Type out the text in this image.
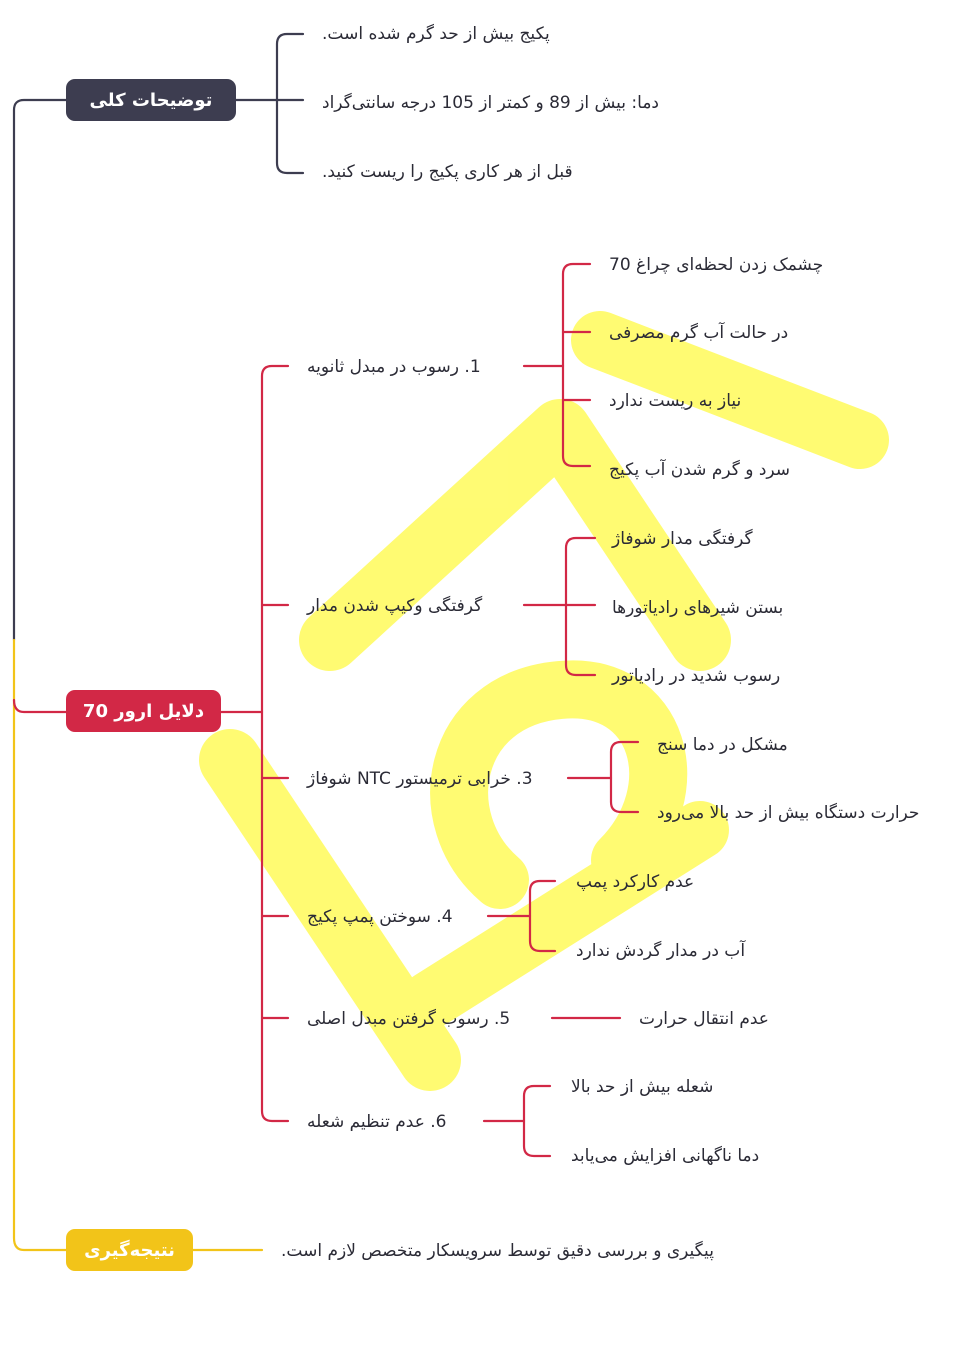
توضیحات کلی
دلایل ارور 70
نتیجه‌گیری
پکیج بیش از حد گرم شده است.
دما: بیش از 89 و کمتر از 105 درجه سانتی‌گراد
قبل از هر کاری پکیج را ریست کنید.
1. رسوب در مبدل ثانویه
گرفتگی وکیپ شدن مدار
3. خرابی ترمیستور NTC شوفاژ
4. سوختن پمپ پکیج
5. رسوب گرفتن مبدل اصلی
6. عدم تنظیم شعله
چشمک زدن لحظه‌ای چراغ 70
در حالت آب گرم مصرفی
نیاز به ریست ندارد
سرد و گرم شدن آب پکیج
گرفتگی مدار شوفاژ
بستن شیرهای رادیاتورها
رسوب شدید در رادیاتور
مشکل در دما سنج
حرارت دستگاه بیش از حد بالا می‌رود
عدم کارکرد پمپ
آب در مدار گردش ندارد
عدم انتقال حرارت
شعله بیش از حد بالا
دما ناگهانی افزایش می‌یابد
پیگیری و بررسی دقیق توسط سرویسکار متخصص لازم است.
